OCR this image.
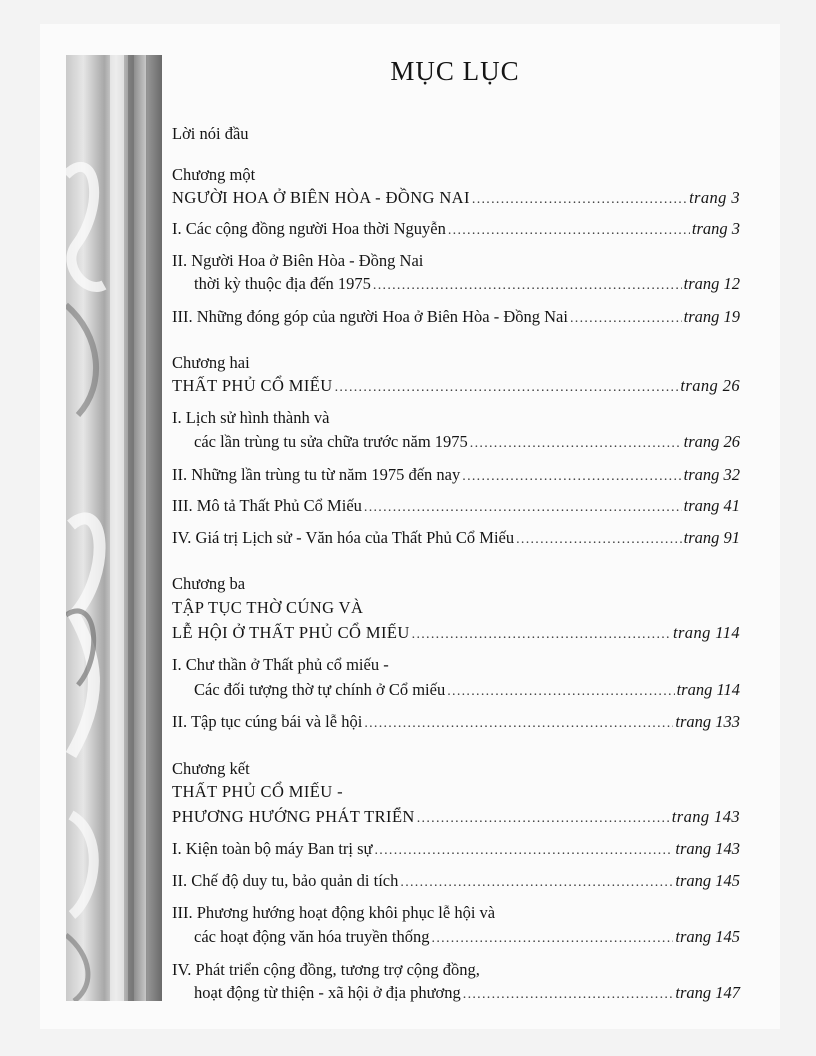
MỤC LỤC
Lời nói đầu
Chương một
NGƯỜI HOA Ở BIÊN HÒA - ĐỒNG NAI .....	trang 3
I. Các cộng đồng người Hoa thời Nguyễn .....	trang 3
II. Người Hoa ở Biên Hòa - Đồng Nai
thời kỳ thuộc địa đến 1975 .....	trang 12
III. Những đóng góp của người Hoa ở Biên Hòa - Đồng Nai .....	trang 19
Chương hai
THẤT PHỦ CỔ MIẾU .....	trang 26
I. Lịch sử hình thành và
các lần trùng tu sửa chữa trước năm 1975 .....	trang 26
II. Những lần trùng tu từ năm 1975 đến nay .....	trang 32
III. Mô tả Thất Phủ Cổ Miếu .....	trang 41
IV. Giá trị Lịch sử - Văn hóa của Thất Phủ Cổ Miếu .....	trang 91
Chương ba
TẬP TỤC THỜ CÚNG VÀ
LỄ HỘI Ở THẤT PHỦ CỔ MIẾU .....	trang 114
I. Chư thần ở Thất phủ cổ miếu -
Các đối tượng thờ tự chính ở Cổ miếu .....	trang 114
II. Tập tục cúng bái và lễ hội .....	trang 133
Chương kết
THẤT PHỦ CỔ MIẾU -
PHƯƠNG HƯỚNG PHÁT TRIỂN .....	trang 143
I. Kiện toàn bộ máy Ban trị sự .....	trang 143
II. Chế độ duy tu, bảo quản di tích .....	trang 145
III. Phương hướng hoạt động khôi phục lễ hội và
các hoạt động văn hóa truyền thống .....	trang 145
IV. Phát triển cộng đồng, tương trợ cộng đồng,
hoạt động từ thiện - xã hội ở địa phương .....	trang 147
